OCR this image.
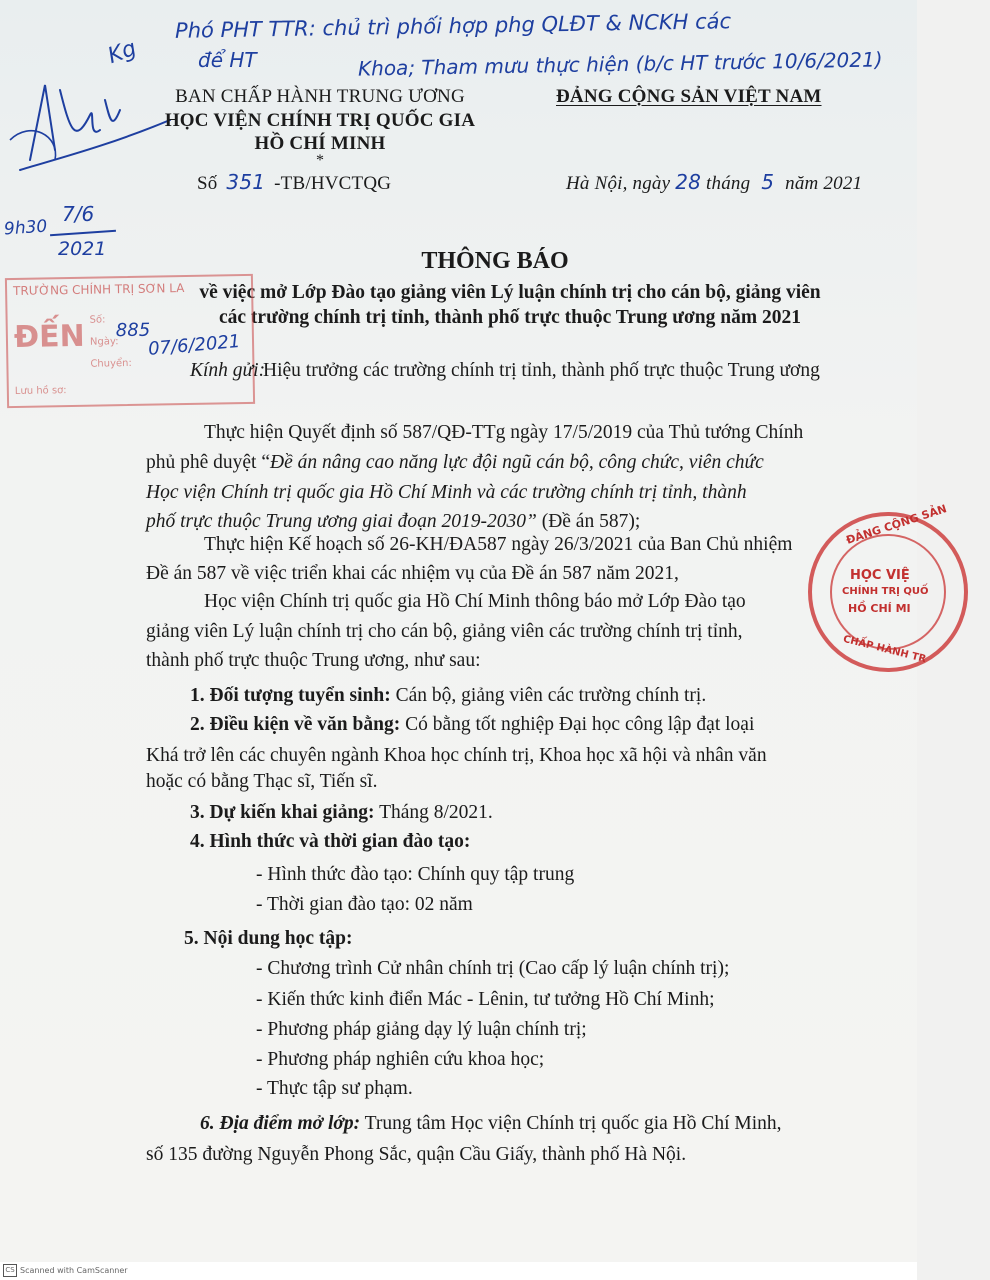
Phó PHT TTR: chủ trì phối hợp phg QLĐT & NCKH các
Kg	để HT	Khoa; Tham mưu thực hiện (b/c HT trước 10/6/2021)
9h30
7/6
2021
BAN CHẤP HÀNH TRUNG ƯƠNG
HỌC VIỆN CHÍNH TRỊ QUỐC GIA
HỒ CHÍ MINH
*
Số 351 -TB/HVCTQG
ĐẢNG CỘNG SẢN VIỆT NAM
Hà Nội, ngày 28 tháng 5 năm 2021
THÔNG BÁO
về việc mở Lớp Đào tạo giảng viên Lý luận chính trị cho cán bộ, giảng viên
các trường chính trị tỉnh, thành phố trực thuộc Trung ương năm 2021
TRƯỜNG CHÍNH TRỊ SƠN LA
ĐẾN Số:
Ngày:
Chuyển:
Lưu hồ sơ:
885
07/6/2021
Kính gửi:
Hiệu trưởng các trường chính trị tỉnh, thành phố trực thuộc Trung ương
Thực hiện Quyết định số 587/QĐ-TTg ngày 17/5/2019 của Thủ tướng Chính
phủ phê duyệt “Đề án nâng cao năng lực đội ngũ cán bộ, công chức, viên chức
Học viện Chính trị quốc gia Hồ Chí Minh và các trường chính trị tỉnh, thành
phố trực thuộc Trung ương giai đoạn 2019-2030” (Đề án 587);
Thực hiện Kế hoạch số 26-KH/ĐA587 ngày 26/3/2021 của Ban Chủ nhiệm
Đề án 587 về việc triển khai các nhiệm vụ của Đề án 587 năm 2021,
Học viện Chính trị quốc gia Hồ Chí Minh thông báo mở Lớp Đào tạo
giảng viên Lý luận chính trị cho cán bộ, giảng viên các trường chính trị tỉnh,
thành phố trực thuộc Trung ương, như sau:
1. Đối tượng tuyển sinh: Cán bộ, giảng viên các trường chính trị.
2. Điều kiện về văn bằng: Có bằng tốt nghiệp Đại học công lập đạt loại
Khá trở lên các chuyên ngành Khoa học chính trị, Khoa học xã hội và nhân văn
hoặc có bằng Thạc sĩ, Tiến sĩ.
3. Dự kiến khai giảng: Tháng 8/2021.
4. Hình thức và thời gian đào tạo:
- Hình thức đào tạo: Chính quy tập trung
- Thời gian đào tạo: 02 năm
5. Nội dung học tập:
- Chương trình Cử nhân chính trị (Cao cấp lý luận chính trị);
- Kiến thức kinh điển Mác - Lênin, tư tưởng Hồ Chí Minh;
- Phương pháp giảng dạy lý luận chính trị;
- Phương pháp nghiên cứu khoa học;
- Thực tập sư phạm.
6. Địa điểm mở lớp: Trung tâm Học viện Chính trị quốc gia Hồ Chí Minh,
số 135 đường Nguyễn Phong Sắc, quận Cầu Giấy, thành phố Hà Nội.
ĐẢNG CỘNG SẢN
HỌC VIỆ
CHÍNH TRỊ QUỐ
HỒ CHÍ MI
CHẤP HÀNH TR
CS Scanned with CamScanner
